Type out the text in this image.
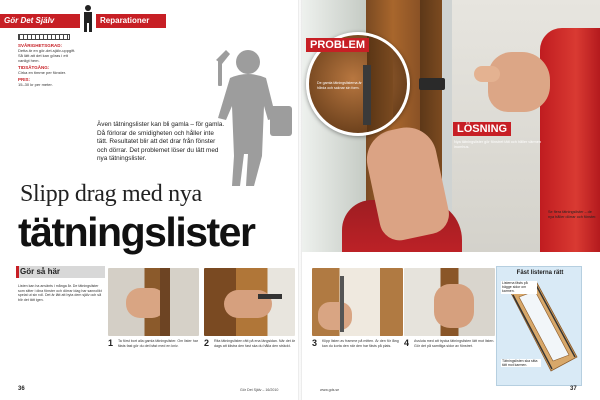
Gör Det Själv	Reparationer
SVÅRIGHETSGRAD:
Detta är en gör-det-själv-uppgift. Så lätt att det kan göras i ett vanligt hem.
TIDSÅTGÅNG:
Cirka en timme per fönster.
PRIS:
15–30 kr per meter.
Även tätningslister kan bli gamla – för gamla. Då förlorar de smidigheten och håller inte tätt. Resultatet blir att det drar från fönster och dörrar. Det problemet löser du lätt med nya tätningslister.
Slipp drag med nya
tätningslister
De gamla tätningslisterna är hårda och saknar sin form.
PROBLEM
LÖSNING
Nya tätningslister gör fönstret tätt och håller värmen inomhus.
Se flera tätningslister – de nya håller dörrar och fönster.
Gör så här
Listen kan ha använts i många år. De tätningslister som sitter i dina fönster och dörrar idag har sannolikt spelat ut sin roll. Det är lätt att byta dem själv och så blir det tätt igen.
1 Ta först bort alla gamla tätningslister. Om lister har fästs fast gör du det bäst med en kniv.	2 Rita tätningslisten rätt på ena längsidan. När det är dags att klistra den fast ska du hålla den sträckt.	3 Klipp listen av framme på mitten. Är den för lång kan du korta den när den har fästs på plats.	4 Avsluta med att trycka tätningslisten lätt mot listen. Gör det på samtliga sidor av fönstret.
Fäst listerna rätt
Listerna fästs på bägge sidor om karmen.
Tätningslisten ska sitta tätt mot karmen.
36	Gör Det Själv – 16/2010	www.gds.se	37
